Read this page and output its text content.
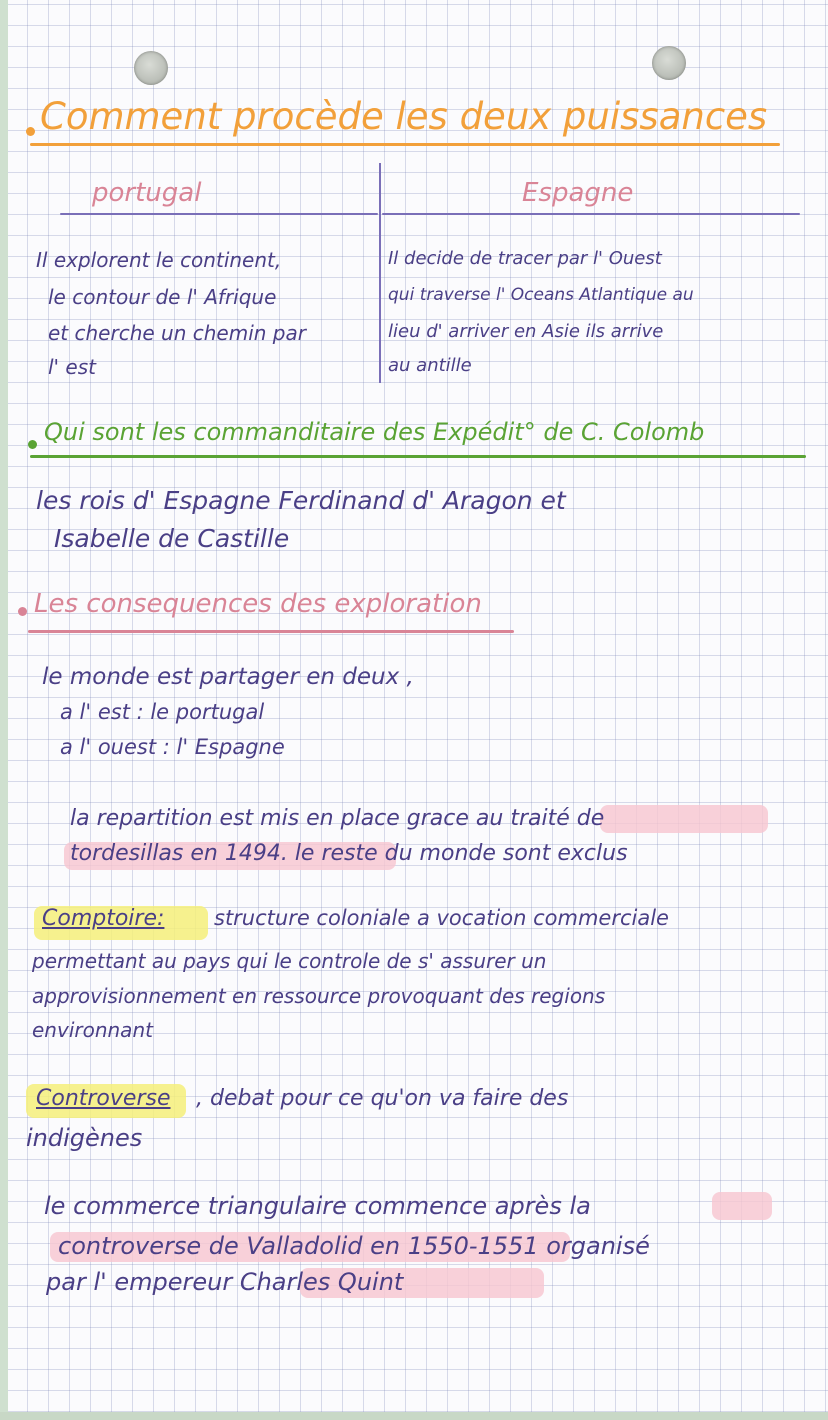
Comment procède les deux puissances
portugal	Espagne
Il explorent le continent,
le contour de l' Afrique
et cherche un chemin par
l' est
Il decide de tracer par l' Ouest
qui traverse l' Oceans Atlantique au
lieu d' arriver en Asie ils arrive
au antille
Qui sont les commanditaire des Expédit° de C. Colomb
les rois d' Espagne Ferdinand d' Aragon et
Isabelle de Castille
Les consequences des exploration
le monde est partager en deux ,
a l' est : le portugal
a l' ouest : l' Espagne
la repartition est mis en place grace au traité de
tordesillas en 1494. le reste du monde sont exclus
Comptoire: structure coloniale a vocation commerciale
permettant au pays qui le controle de s' assurer un
approvisionnement en ressource provoquant des regions
environnant
Controverse , debat pour ce qu'on va faire des
indigènes
le commerce triangulaire commence après la
controverse de Valladolid en 1550-1551 organisé
par l' empereur Charles Quint
